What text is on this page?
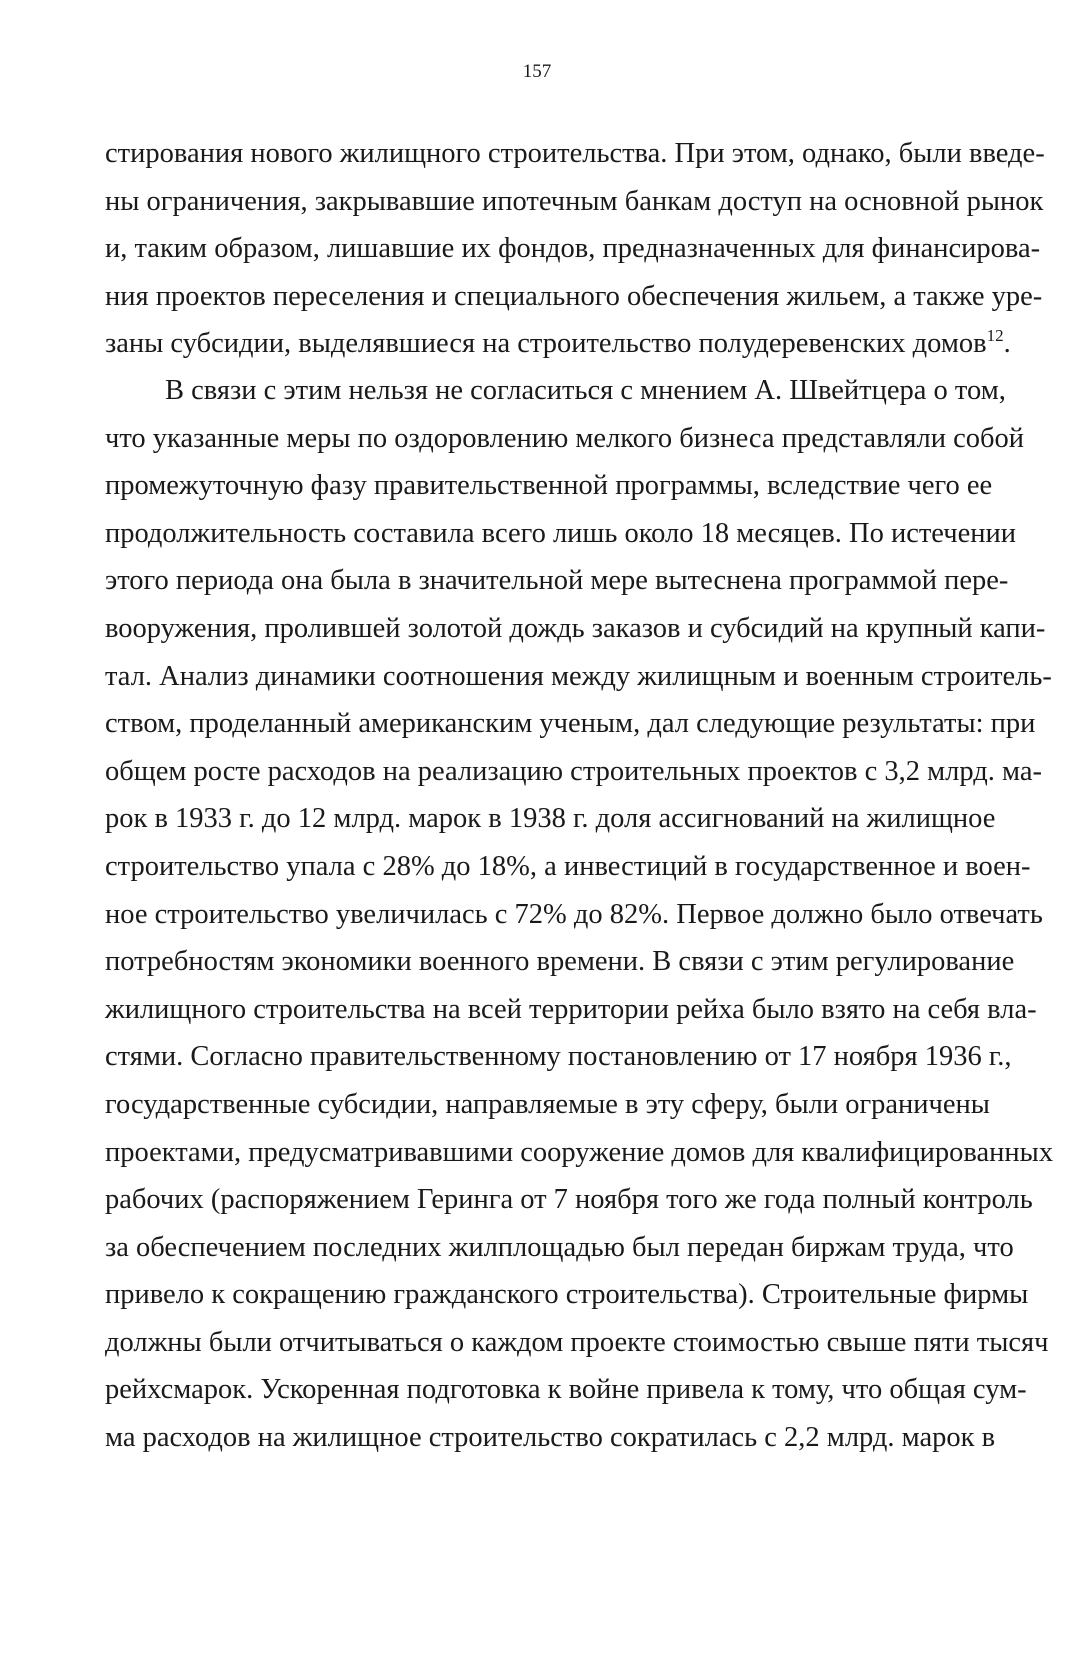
157
стирования нового жилищного строительства. При этом, однако, были введе-
ны ограничения, закрывавшие ипотечным банкам доступ на основной рынок
и, таким образом, лишавшие их фондов, предназначенных для финансирова-
ния проектов переселения и специального обеспечения жильем, а также уре-
заны субсидии, выделявшиеся на строительство полудеревенских домов$^{12}$.
В связи с этим нельзя не согласиться с мнением А. Швейтцера о том,
что указанные меры по оздоровлению мелкого бизнеса представляли собой
промежуточную фазу правительственной программы, вследствие чего ее
продолжительность составила всего лишь около 18 месяцев. По истечении
этого периода она была в значительной мере вытеснена программой пере-
вооружения, пролившей золотой дождь заказов и субсидий на крупный капи-
тал. Анализ динамики соотношения между жилищным и военным строитель-
ством, проделанный американским ученым, дал следующие результаты: при
общем росте расходов на реализацию строительных проектов с 3,2 млрд. ма-
рок в 1933 г. до 12 млрд. марок в 1938 г. доля ассигнований на жилищное
строительство упала с 28% до 18%, а инвестиций в государственное и воен-
ное строительство увеличилась с 72% до 82%. Первое должно было отвечать
потребностям экономики военного времени. В связи с этим регулирование
жилищного строительства на всей территории рейха было взято на себя вла-
стями. Согласно правительственному постановлению от 17 ноября 1936 г.,
государственные субсидии, направляемые в эту сферу, были ограничены
проектами, предусматривавшими сооружение домов для квалифицированных
рабочих (распоряжением Геринга от 7 ноября того же года полный контроль
за обеспечением последних жилплощадью был передан биржам труда, что
привело к сокращению гражданского строительства). Строительные фирмы
должны были отчитываться о каждом проекте стоимостью свыше пяти тысяч
рейхсмарок. Ускоренная подготовка к войне привела к тому, что общая сум-
ма расходов на жилищное строительство сократилась с 2,2 млрд. марок в
